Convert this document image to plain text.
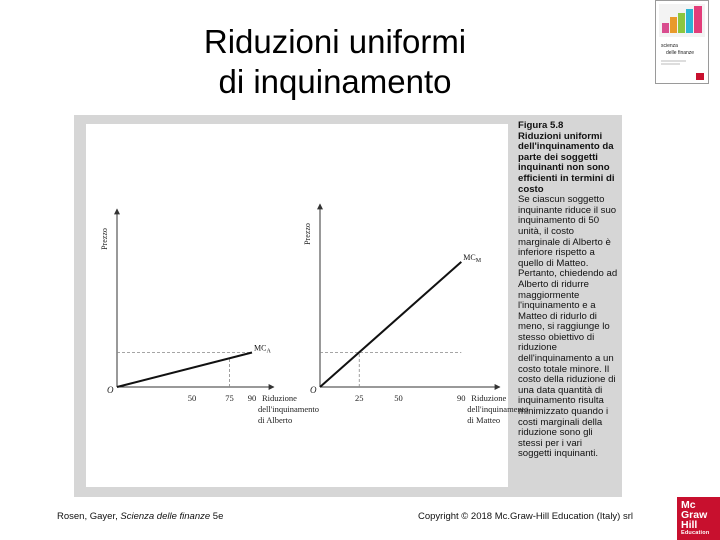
Riduzioni uniformi
di inquinamento
scienza
delle finanze
$MC_A$
50	75 90
O
Prezzo
Riduzione
dell'inquinamento
di Alberto
$MC_M$
25	50	90
O
Prezzo
Riduzione
dell'inquinamento
di Matteo
Figura 5.8
Riduzioni uniformi dell'inquinamento da parte dei soggetti inquinanti non sono efficienti in termini di costo
Se ciascun soggetto inquinante riduce il suo inquinamento di 50 unità, il costo marginale di Alberto è inferiore rispetto a quello di Matteo. Pertanto, chiedendo ad Alberto di ridurre maggiormente l'inquinamento e a Matteo di ridurlo di meno, si raggiunge lo stesso obiettivo di riduzione dell'inquinamento a un costo totale minore. Il costo della riduzione di una data quantità di inquinamento risulta minimizzato quando i costi marginali della riduzione sono gli stessi per i vari soggetti inquinanti.
Rosen, Gayer, Scienza delle finanze 5e	Copyright © 2018 Mc.Graw-Hill Education (Italy) srl
Mc
Graw
Hill
Education
